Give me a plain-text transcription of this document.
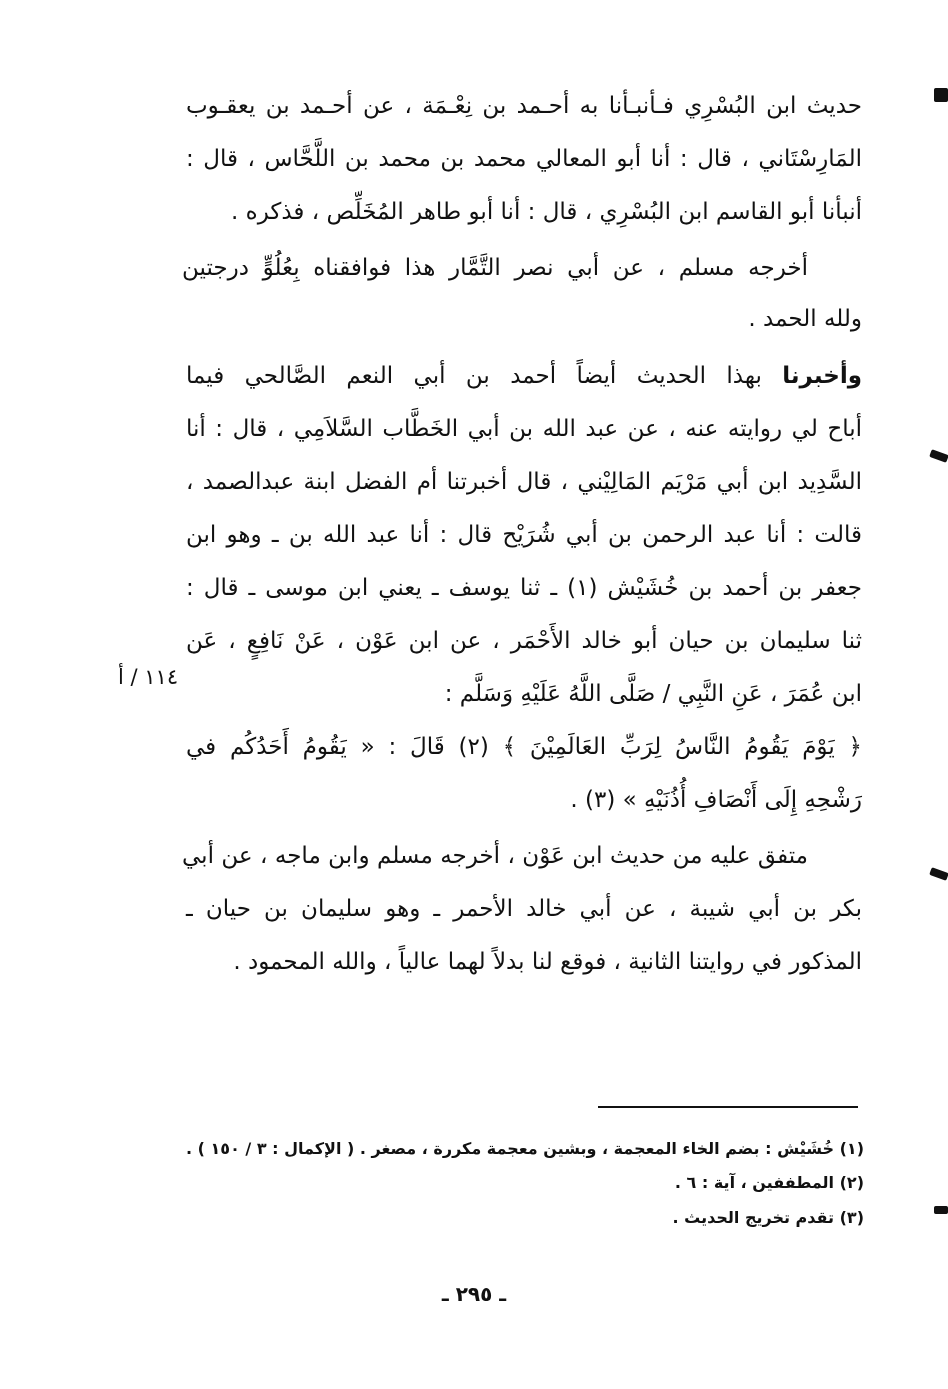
حديث ابن البُسْرِي فـأنبـأنا به أحـمد بن نِعْـمَة ، عن أحـمد بن يعقـوب
المَارِسْتَاني ، قال : أنا أبو المعالي محمد بن محمد بن اللَّحَّاس ، قال :
أنبأنا أبو القاسم ابن البُسْرِي ، قال : أنا أبو طاهر المُخَلِّص ، فذكره .
أخرجه مسلم ، عن أبي نصر التَّمَّار هذا فوافقناه بِعُلُوٍّ درجتين
ولله الحمد .
وأخبرنا بهذا الحديث أيضاً أحمد بن أبي النعم الصَّالحي فيما
أباح لي روايته عنه ، عن عبد الله بن أبي الخَطَّاب السَّلاَمِي ، قال : أنا
السَّدِيد ابن أبي مَرْيَم المَالِيْني ، قال أخبرتنا أم الفضل ابنة عبدالصمد ،
قالت : أنا عبد الرحمن بن أبي شُرَيْح قال : أنا عبد الله بن ـ وهو ابن
جعفر بن أحمد بن خُشَيْش (١) ـ ثنا يوسف ـ يعني ابن موسى ـ قال :
ثنا سليمان بن حيان أبو خالد الأَحْمَر ، عن ابن عَوْن ، عَنْ نَافِعٍ ، عَن
ابن عُمَرَ ، عَنِ النَّبِي / صَلَّى اللَّهُ عَلَيْهِ وَسَلَّم :
﴿ يَوْمَ يَقُومُ النَّاسُ لِرَبِّ العَالَمِيْنَ ﴾ (٢) قَالَ : « يَقُومُ أَحَدُكُم في
رَشْحِهِ إِلَى أَنْصَافِ أُذُنَيْهِ » (٣) .
متفق عليه من حديث ابن عَوْن ، أخرجه مسلم وابن ماجه ، عن أبي
بكر بن أبي شيبة ، عن أبي خالد الأحمر ـ وهو سليمان بن حيان ـ
المذكور في روايتنا الثانية ، فوقع لنا بدلاً لهما عالياً ، والله المحمود .
١١٤ / أ
(١) خُشَيْش : بضم الخاء المعجمة ، وبشين معجمة مكررة ، مصغر . ( الإكمال : ٣ / ١٥٠ ) .
(٢) المطففين ، آية : ٦ .
(٣) تقدم تخريج الحديث .
ـ ٢٩٥ ـ
